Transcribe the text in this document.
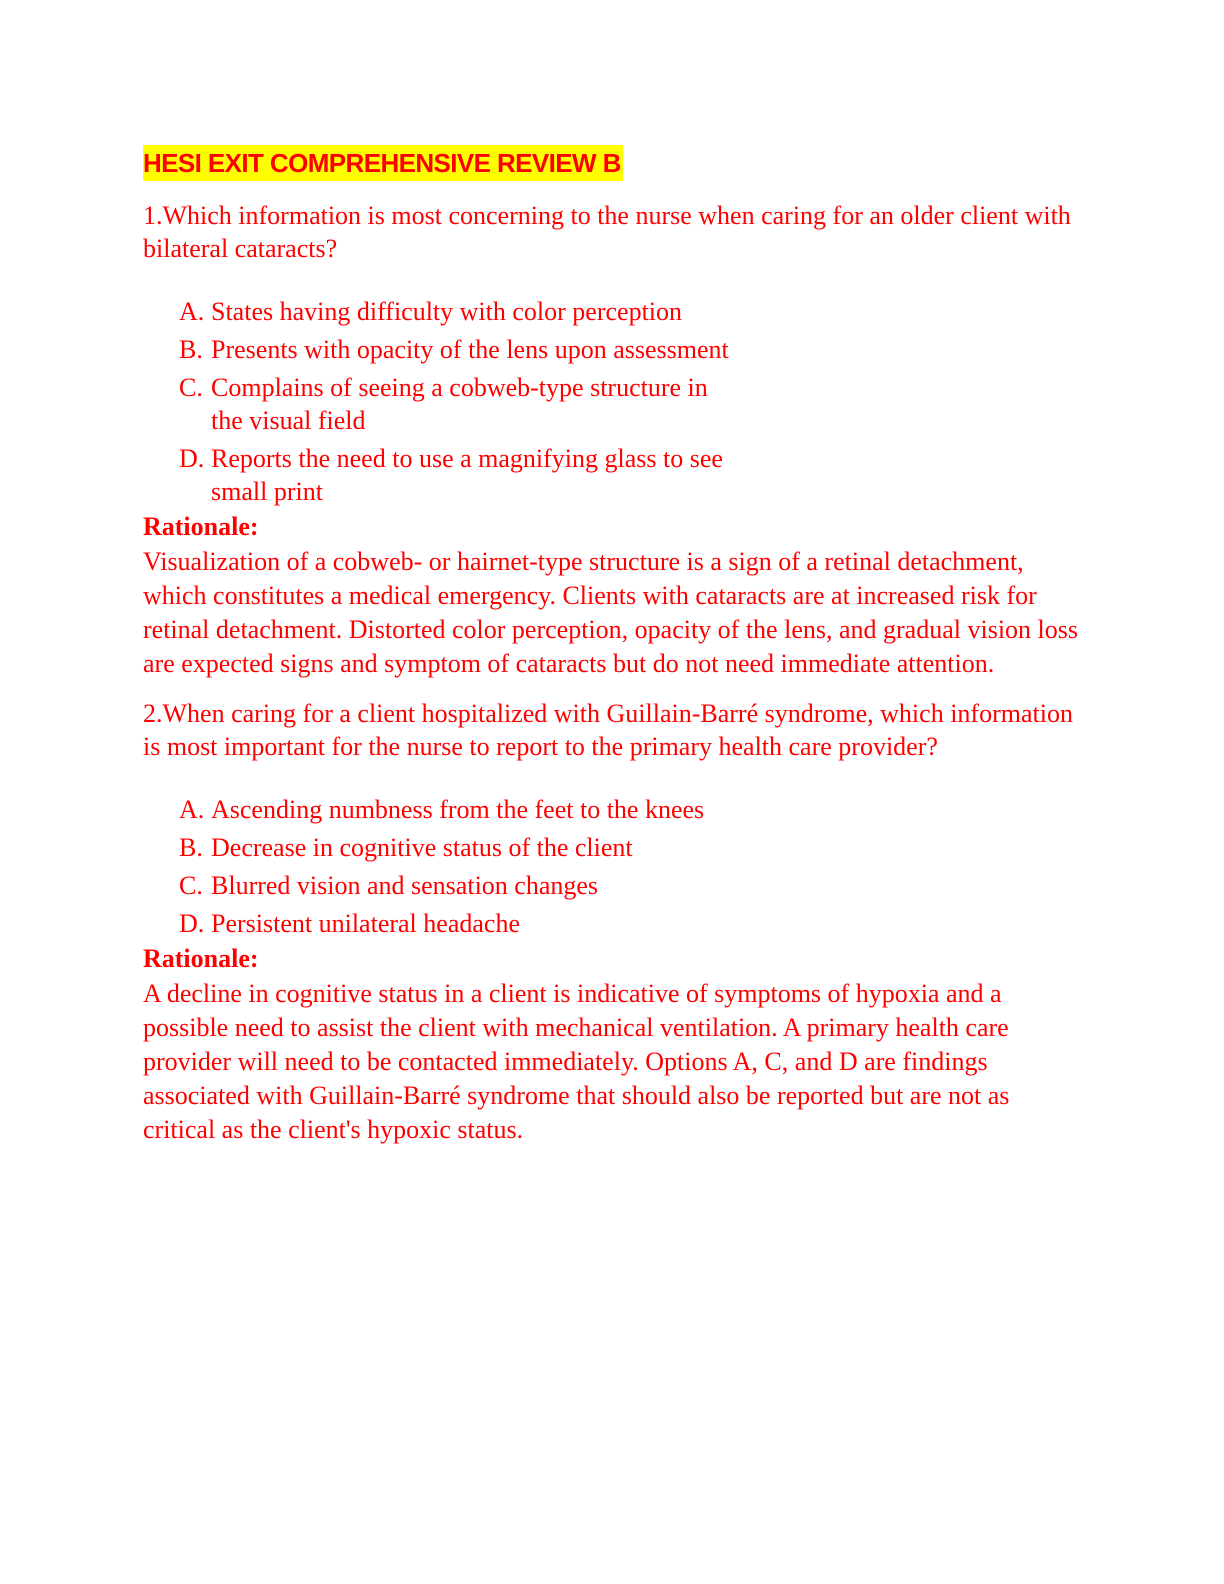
HESI EXIT COMPREHENSIVE REVIEW B

1.Which information is most concerning to the nurse when caring for an older client with bilateral cataracts?

A. States having difficulty with color perception
B. Presents with opacity of the lens upon assessment
C. Complains of seeing a cobweb-type structure in the visual field
D. Reports the need to use a magnifying glass to see small print
Rationale:

Visualization of a cobweb- or hairnet-type structure is a sign of a retinal detachment, which constitutes a medical emergency. Clients with cataracts are at increased risk for retinal detachment. Distorted color perception, opacity of the lens, and gradual vision loss are expected signs and symptom of cataracts but do not need immediate attention.

2.When caring for a client hospitalized with Guillain-Barré syndrome, which information is most important for the nurse to report to the primary health care provider?

A. Ascending numbness from the feet to the knees
B. Decrease in cognitive status of the client
C. Blurred vision and sensation changes
D. Persistent unilateral headache
Rationale:

A decline in cognitive status in a client is indicative of symptoms of hypoxia and a possible need to assist the client with mechanical ventilation. A primary health care provider will need to be contacted immediately. Options A, C, and D are findings associated with Guillain-Barré syndrome that should also be reported but are not as critical as the client's hypoxic status.
